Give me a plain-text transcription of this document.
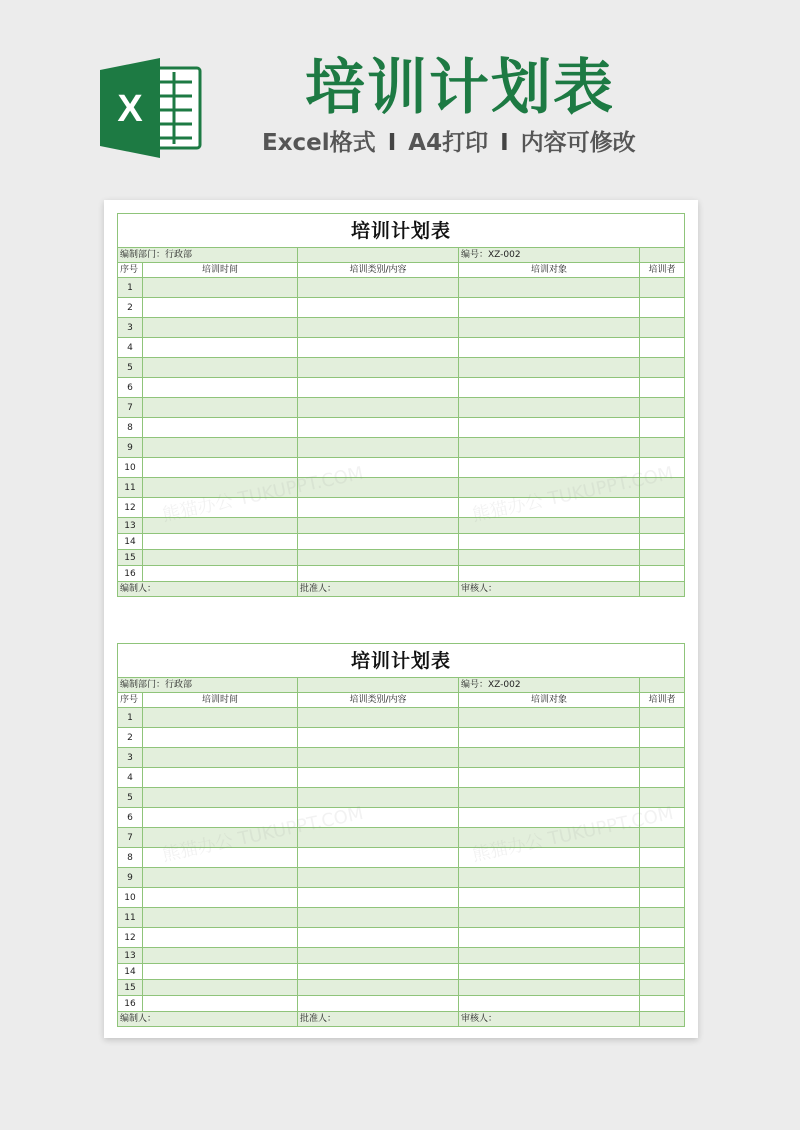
X	培训计划表
Excel格式 I A4打印 I 内容可修改
培训计划表				
编制部门：行政部			编号：XZ-002	
序号	培训时间	培训类别/内容	培训对象	培训者
1				
2				
3				
4				
5				
6				
7				
8				
9				
10				
11				
12				
13				
14				
15				
16				
编制人：		批准人：	审核人：	
培训计划表				
编制部门：行政部			编号：XZ-002	
序号	培训时间	培训类别/内容	培训对象	培训者
1				
2				
3				
4				
5				
6				
7				
8				
9				
10				
11				
12				
13				
14				
15				
16				
编制人：		批准人：	审核人：	
